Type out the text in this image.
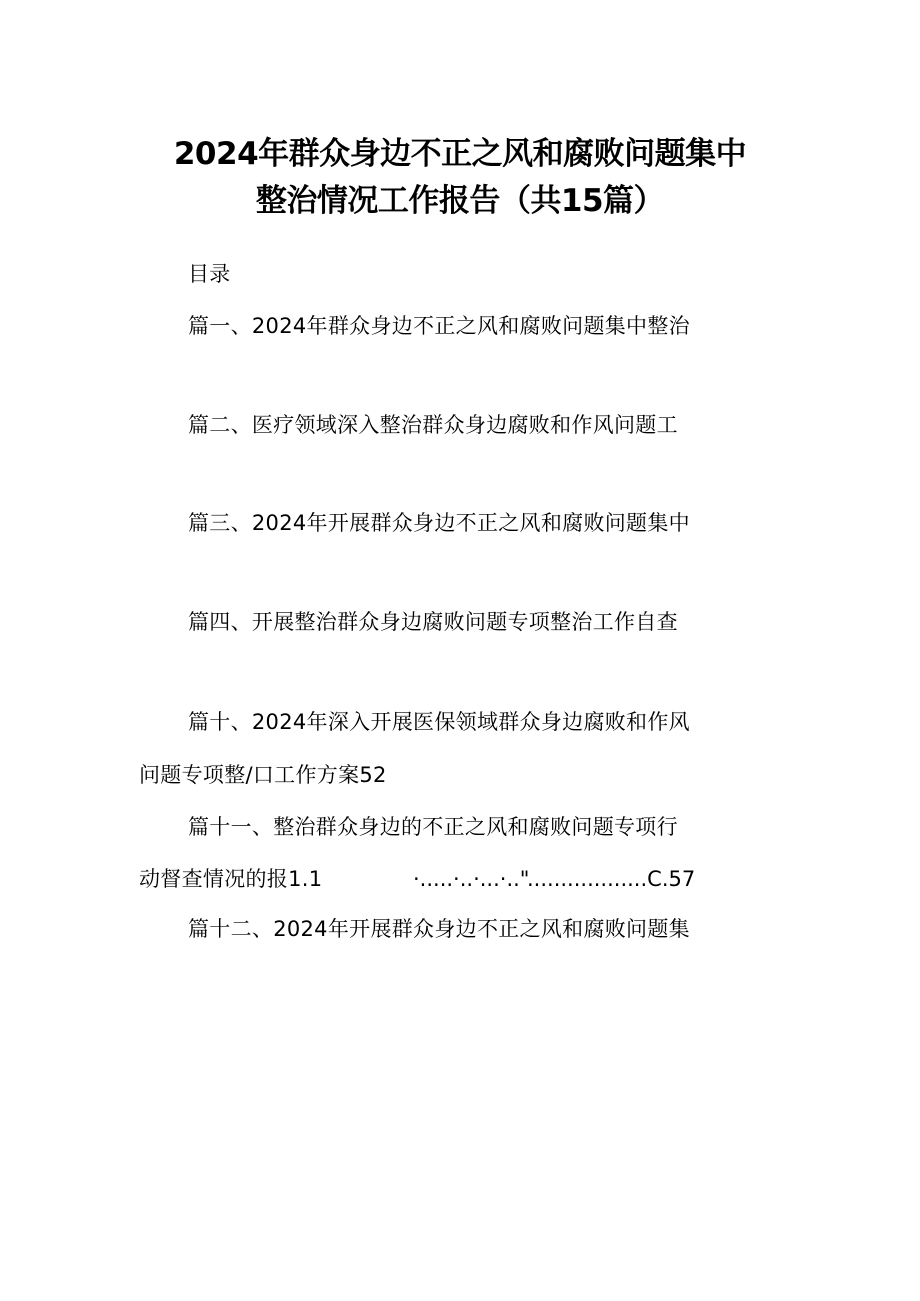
2024年群众身边不正之风和腐败问题集中
整治情况工作报告（共15篇）
目录
篇一、2024年群众身边不正之风和腐败问题集中整治
篇二、医疗领域深入整治群众身边腐败和作风问题工
篇三、2024年开展群众身边不正之风和腐败问题集中
篇四、开展整治群众身边腐败问题专项整治工作自查
篇十、2024年深入开展医保领域群众身边腐败和作风
问题专项整/口工作方案52
篇十一、整治群众身边的不正之风和腐败问题专项行
动督查情况的报1.1	·.....·..·...·.."
..................C.57
篇十二、2024年开展群众身边不正之风和腐败问题集
